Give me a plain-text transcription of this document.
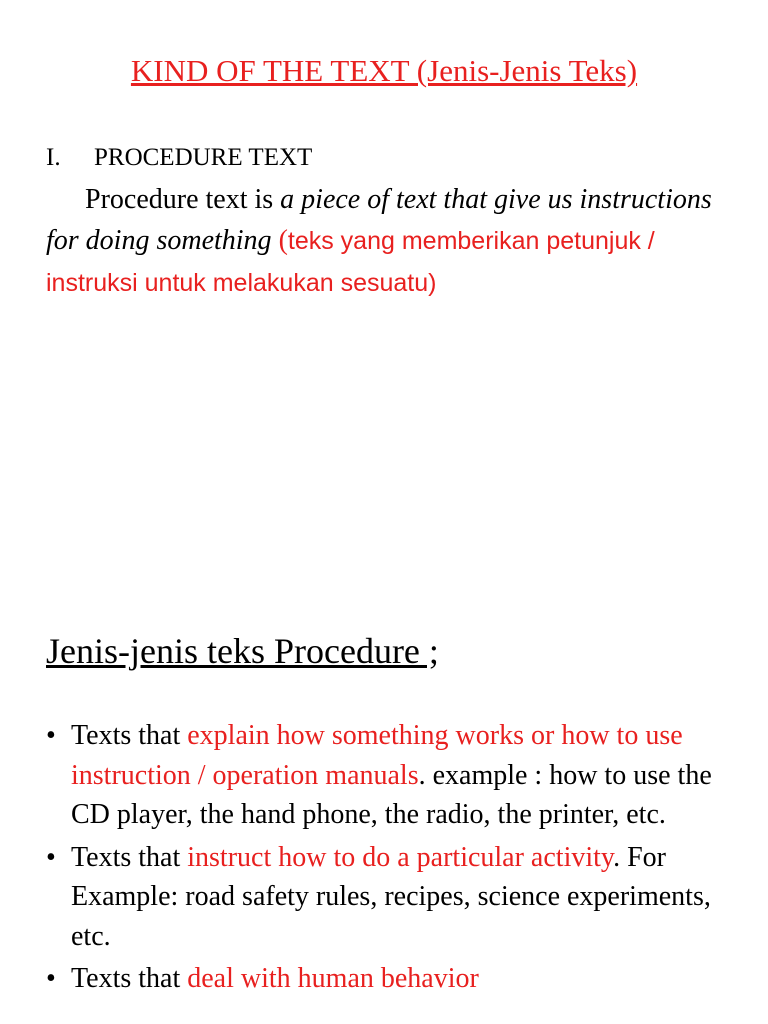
KIND OF THE TEXT (Jenis-Jenis Teks)
I. PROCEDURE TEXT
Procedure text is a piece of text that give us instructions for doing something (teks yang memberikan petunjuk / instruksi untuk melakukan sesuatu)
Jenis-jenis teks Procedure ;
• Texts that explain how something works or how to use instruction / operation manuals. example : how to use the CD player, the hand phone, the radio, the printer, etc.
• Texts that instruct how to do a particular activity. For Example: road safety rules, recipes, science experiments, etc.
• Texts that deal with human behavior
